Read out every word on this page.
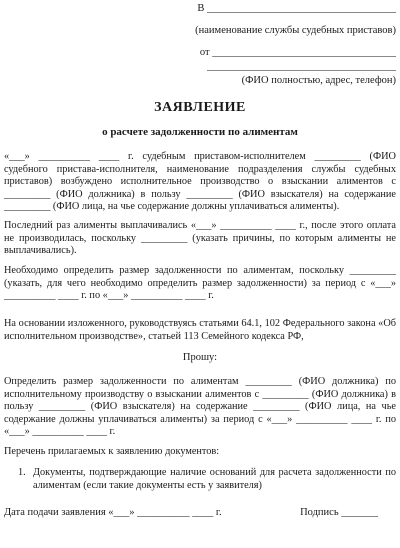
В ____________________________________
(наименование службы судебных приставов)
от ___________________________________
____________________________________
(ФИО полностью, адрес, телефон)
ЗАЯВЛЕНИЕ
о расчете задолженности по алиментам
«___» __________ ____ г. судебным приставом-исполнителем _________ (ФИО судебного пристава-исполнителя, наименование подразделения службы судебных приставов) возбуждено исполнительное производство о взыскании алиментов с _________ (ФИО должника) в пользу _________ (ФИО взыскателя) на содержание _________ (ФИО лица, на чье содержание должны уплачиваться алименты).
Последний раз алименты выплачивались «___» __________ ____ г., после этого оплата не производилась, поскольку _________ (указать причины, по которым алименты не выплачивались).
Необходимо определить размер задолженности по алиментам, поскольку _________ (указать, для чего необходимо определить размер задолженности) за период с «___» __________ ____ г. по «___» __________ ____ г.
На основании изложенного, руководствуясь статьями 64.1, 102 Федерального закона «Об исполнительном производстве», статьей 113 Семейного кодекса РФ,
Прошу:
Определить размер задолженности по алиментам _________ (ФИО должника) по исполнительному производству о взыскании алиментов с _________ (ФИО должника) в пользу _________ (ФИО взыскателя) на содержание _________ (ФИО лица, на чье содержание должны уплачиваться алименты) за период с «___» __________ ____ г. по «___» __________ ____ г.
Перечень прилагаемых к заявлению документов:
1. Документы, подтверждающие наличие оснований для расчета задолженности по алиментам (если такие документы есть у заявителя)
Дата подачи заявления «___» __________ ____ г.	Подпись _______
